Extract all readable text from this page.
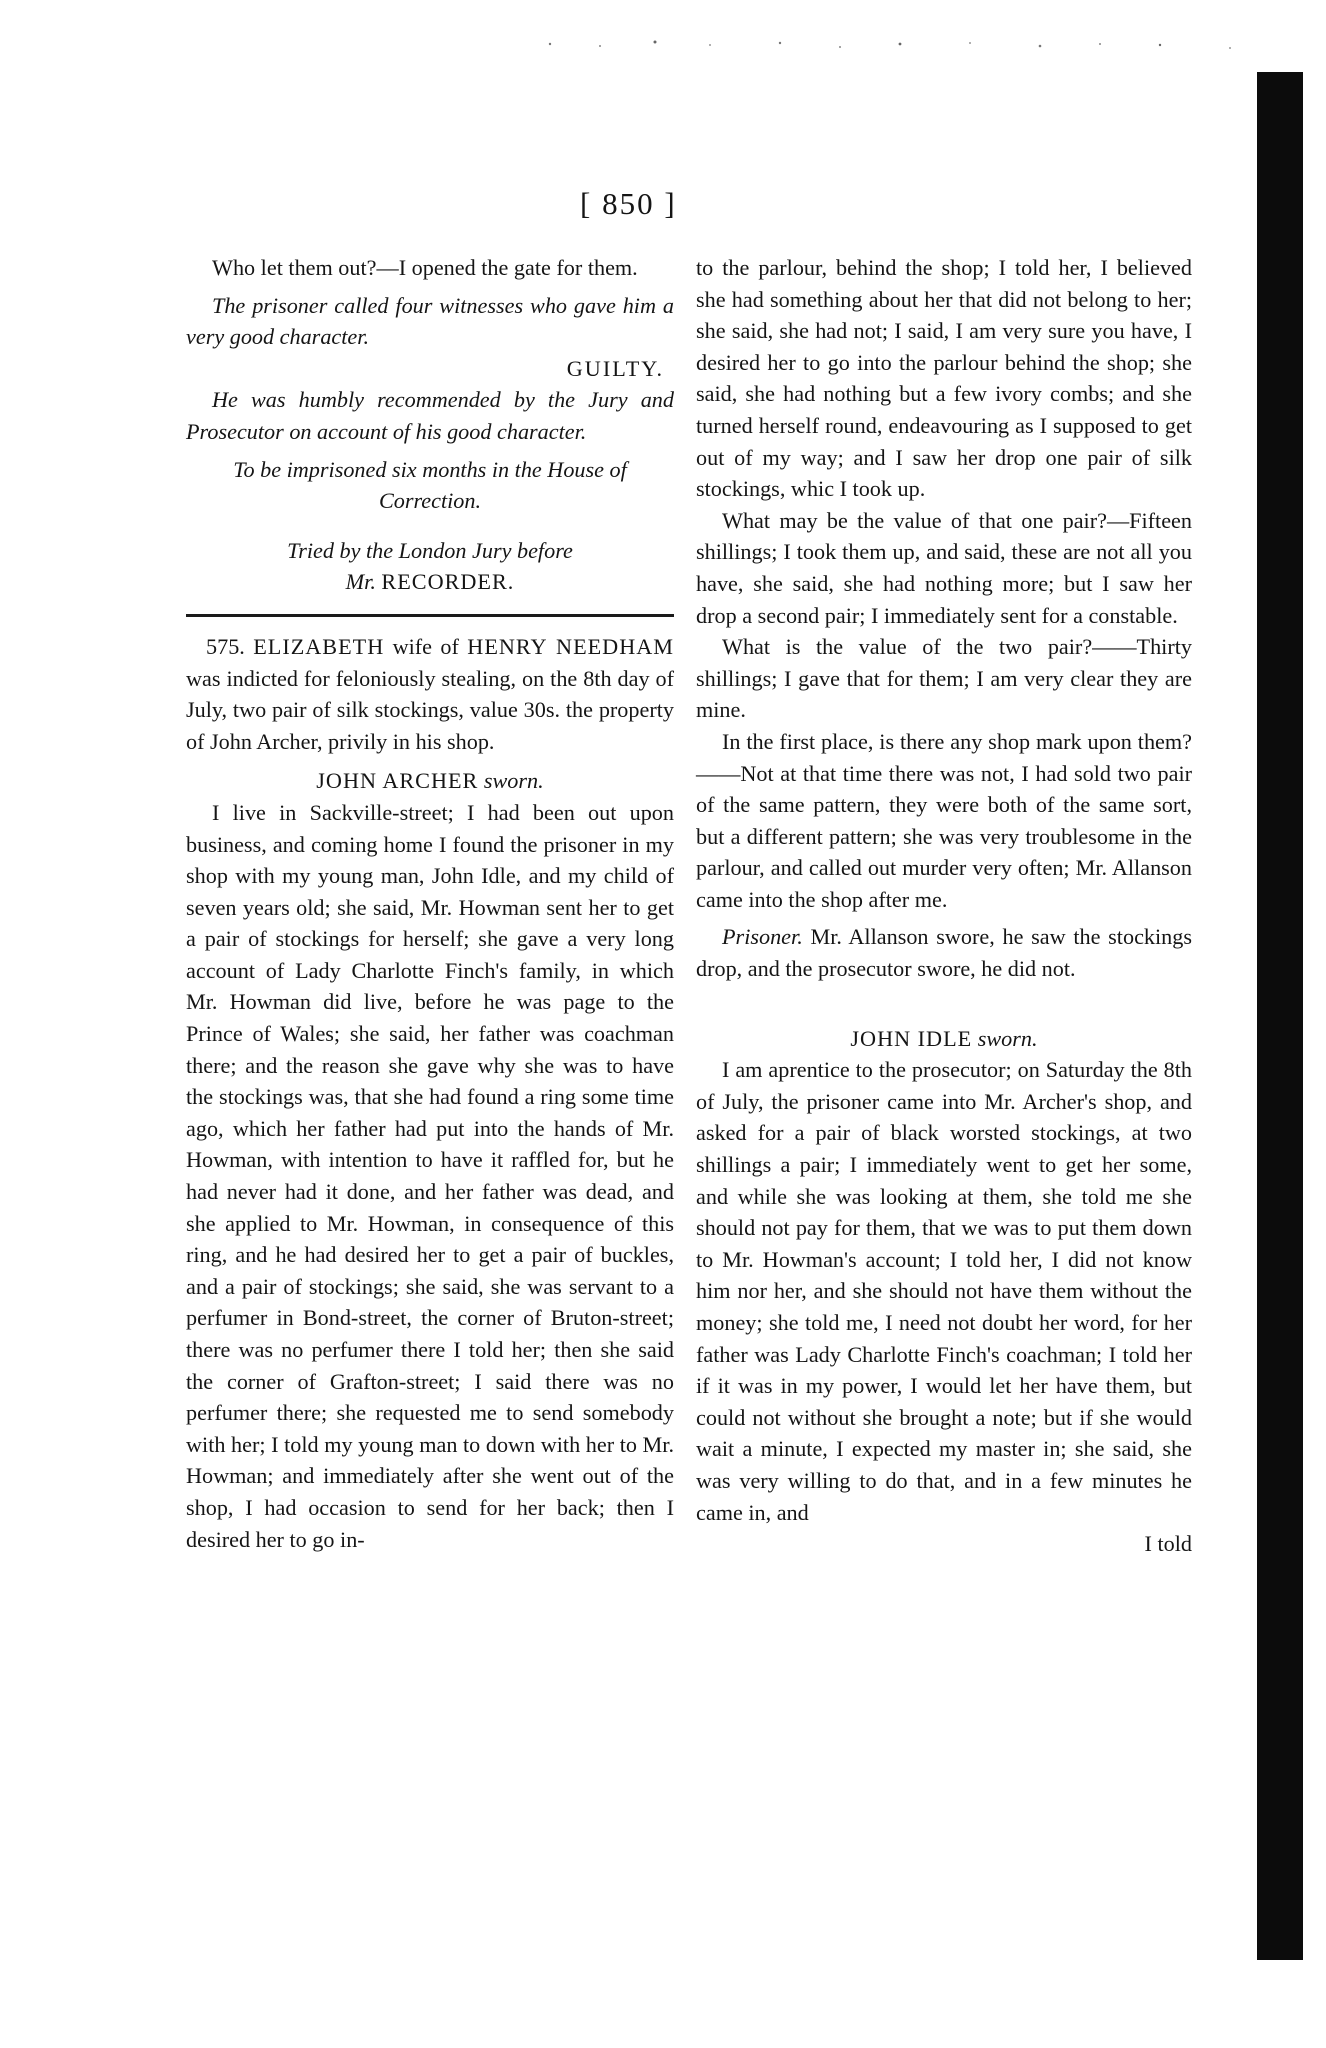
[ 850 ]

Who let them out?—I opened the gate for them.

The prisoner called four witnesses who gave him a very good character.

GUILTY.

He was humbly recommended by the Jury and Prosecutor on account of his good character.

To be imprisoned six months in the House of Correction.

Tried by the London Jury before

Mr. RECORDER.

575. ELIZABETH wife of HENRY NEEDHAM was indicted for feloniously stealing, on the 8th day of July, two pair of silk stockings, value 30s. the property of John Archer, privily in his shop.

JOHN ARCHER sworn.

I live in Sackville-street; I had been out upon business, and coming home I found the prisoner in my shop with my young man, John Idle, and my child of seven years old; she said, Mr. Howman sent her to get a pair of stockings for herself; she gave a very long account of Lady Charlotte Finch's family, in which Mr. Howman did live, before he was page to the Prince of Wales; she said, her father was coachman there; and the reason she gave why she was to have the stockings was, that she had found a ring some time ago, which her father had put into the hands of Mr. Howman, with intention to have it raffled for, but he had never had it done, and her father was dead, and she applied to Mr. Howman, in consequence of this ring, and he had desired her to get a pair of buckles, and a pair of stockings; she said, she was servant to a perfumer in Bond-street, the corner of Bruton-street; there was no perfumer there I told her; then she said the corner of Grafton-street; I said there was no perfumer there; she requested me to send somebody with her; I told my young man to down with her to Mr. Howman; and immediately after she went out of the shop, I had occasion to send for her back; then I desired her to go in-

to the parlour, behind the shop; I told her, I believed she had something about her that did not belong to her; she said, she had not; I said, I am very sure you have, I desired her to go into the parlour behind the shop; she said, she had nothing but a few ivory combs; and she turned herself round, endeavouring as I supposed to get out of my way; and I saw her drop one pair of silk stockings, whic I took up.

What may be the value of that one pair?—Fifteen shillings; I took them up, and said, these are not all you have, she said, she had nothing more; but I saw her drop a second pair; I immediately sent for a constable.

What is the value of the two pair?——Thirty shillings; I gave that for them; I am very clear they are mine.

In the first place, is there any shop mark upon them?——Not at that time there was not, I had sold two pair of the same pattern, they were both of the same sort, but a different pattern; she was very troublesome in the parlour, and called out murder very often; Mr. Allanson came into the shop after me.

Prisoner. Mr. Allanson swore, he saw the stockings drop, and the prosecutor swore, he did not.

JOHN IDLE sworn.

I am aprentice to the prosecutor; on Saturday the 8th of July, the prisoner came into Mr. Archer's shop, and asked for a pair of black worsted stockings, at two shillings a pair; I immediately went to get her some, and while she was looking at them, she told me she should not pay for them, that we was to put them down to Mr. Howman's account; I told her, I did not know him nor her, and she should not have them without the money; she told me, I need not doubt her word, for her father was Lady Charlotte Finch's coachman; I told her if it was in my power, I would let her have them, but could not without she brought a note; but if she would wait a minute, I expected my master in; she said, she was very willing to do that, and in a few minutes he came in, and

I told
